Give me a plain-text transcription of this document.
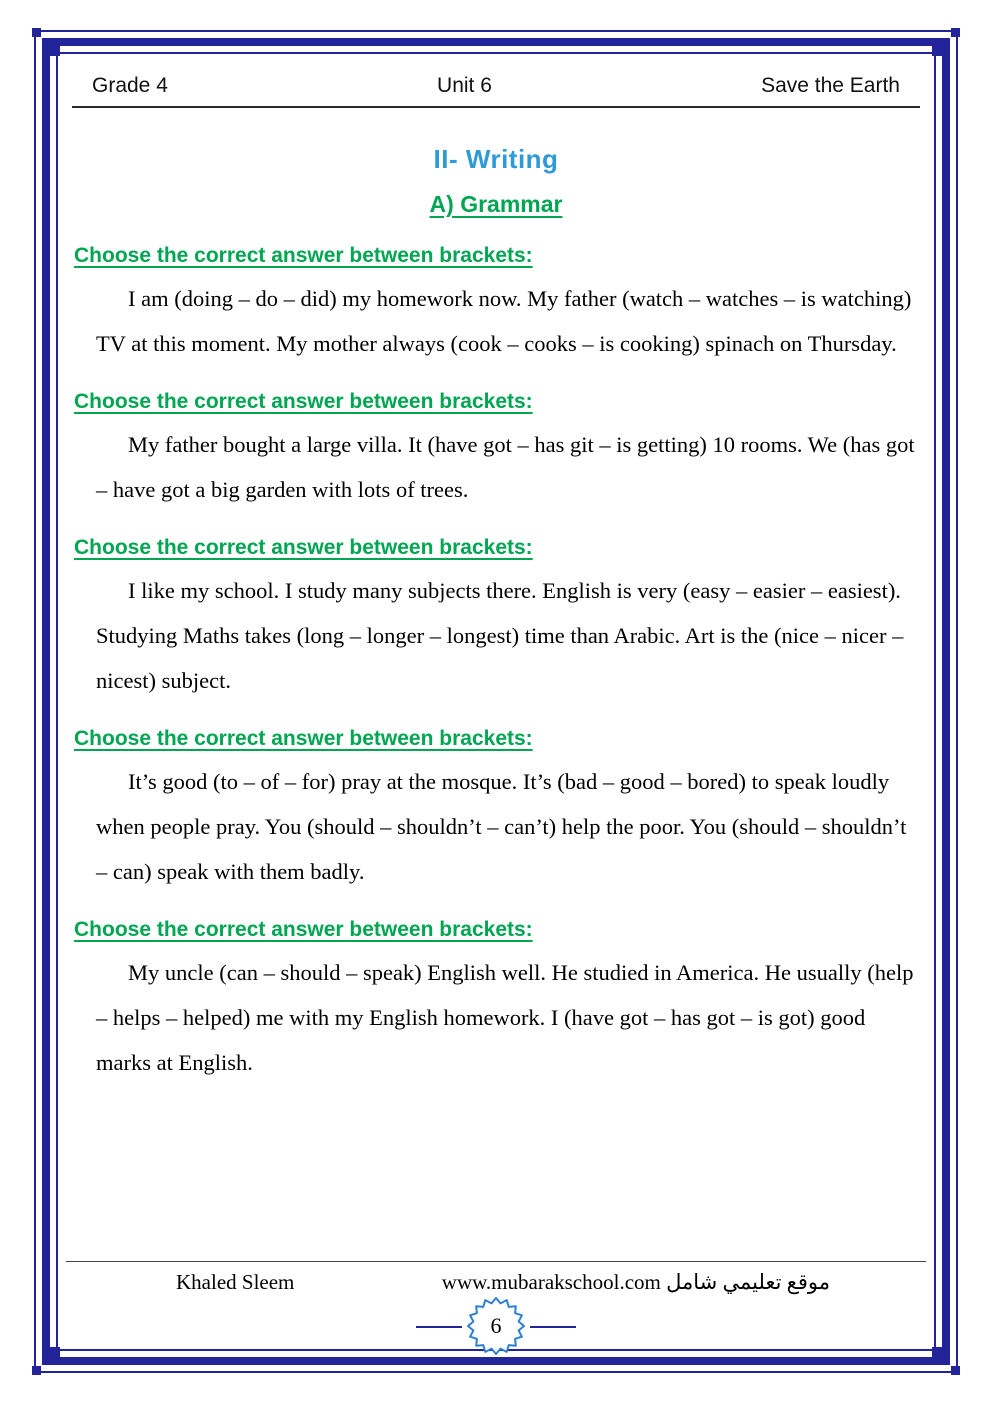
Grade 4	Unit 6	Save the Earth
II- Writing
A) Grammar
Choose the correct answer between brackets:

I am (doing – do – did) my homework now. My father (watch – watches – is watching) TV at this moment. My mother always (cook – cooks – is cooking) spinach on Thursday.

Choose the correct answer between brackets:

My father bought a large villa. It (have got – has git – is getting) 10 rooms. We (has got – have got a big garden with lots of trees.

Choose the correct answer between brackets:

I like my school. I study many subjects there. English is very (easy – easier – easiest). Studying Maths takes (long – longer – longest) time than Arabic. Art is the (nice – nicer – nicest) subject.

Choose the correct answer between brackets:

It’s good (to – of – for) pray at the mosque. It’s (bad – good – bored) to speak loudly when people pray. You (should – shouldn’t – can’t) help the poor. You (should – shouldn’t – can) speak with them badly.

Choose the correct answer between brackets:

My uncle (can – should – speak) English well. He studied in America. He usually (help – helps – helped) me with my English homework. I (have got – has got – is got) good marks at English.

Khaled Sleem	www.mubarakschool.com موقع تعليمي شامل
6
